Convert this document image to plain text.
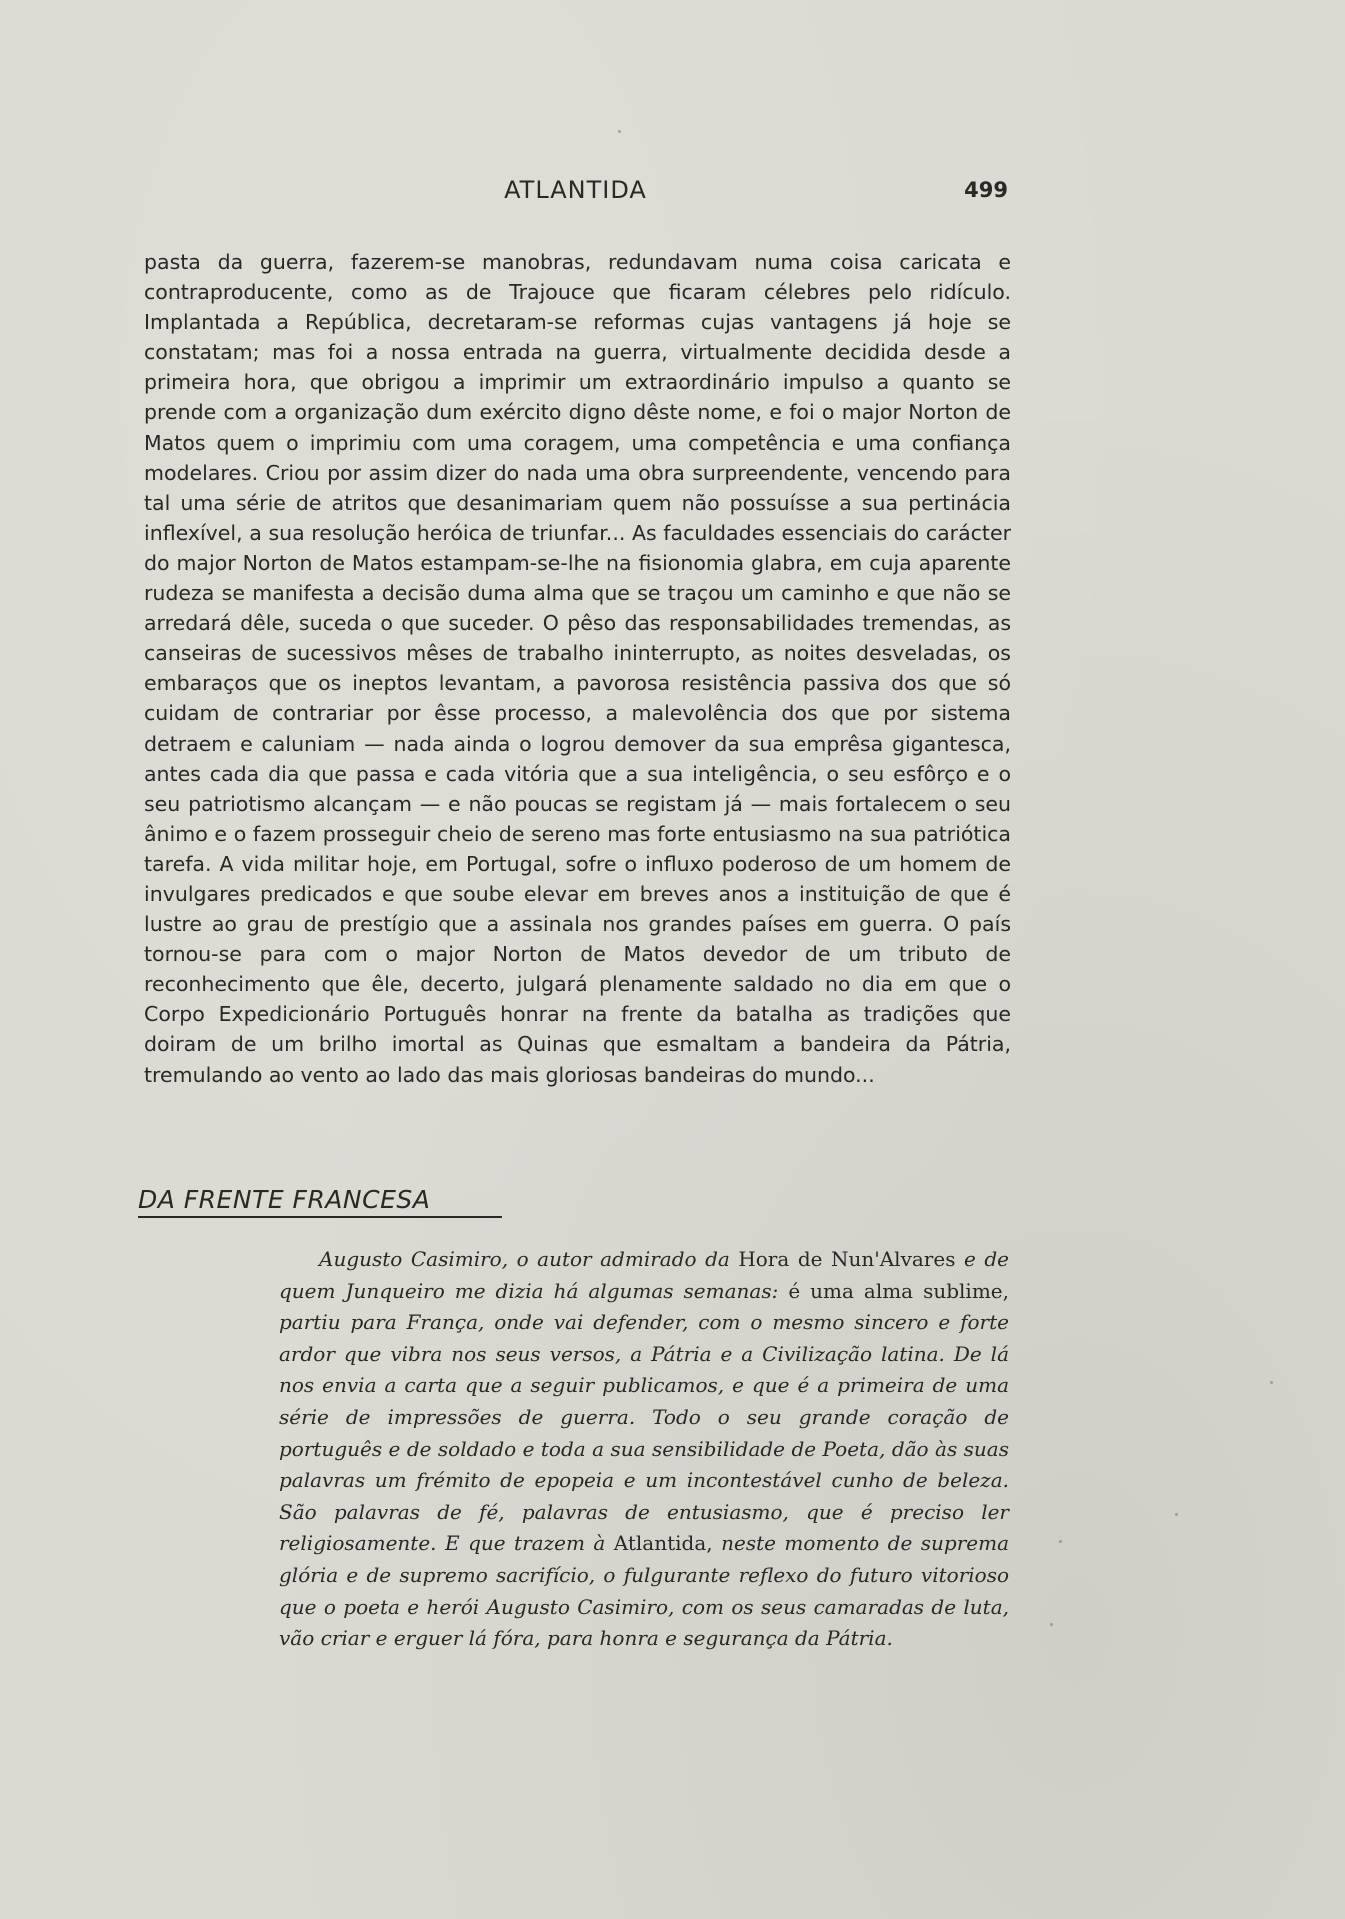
ATLANTIDA	499

pasta da guerra, fazerem-se manobras, redundavam numa coisa caricata e contraproducente, como as de Trajouce que ficaram célebres pelo ridículo. Implantada a República, decretaram-se reformas cujas vantagens já hoje se constatam; mas foi a nossa entrada na guerra, virtualmente decidida desde a primeira hora, que obrigou a imprimir um extraordinário impulso a quanto se prende com a organização dum exército digno dêste nome, e foi o major Norton de Matos quem o imprimiu com uma coragem, uma competência e uma confiança modelares. Criou por assim dizer do nada uma obra surpreendente, vencendo para tal uma série de atritos que desanimariam quem não possuísse a sua pertinácia inflexível, a sua resolução heróica de triunfar... As faculdades essenciais do carácter do major Norton de Matos estampam-se-lhe na fisionomia glabra, em cuja aparente rudeza se manifesta a decisão duma alma que se traçou um caminho e que não se arredará dêle, suceda o que suceder. O pêso das responsabilidades tremendas, as canseiras de sucessivos mêses de trabalho ininterrupto, as noites desveladas, os embaraços que os ineptos levantam, a pavorosa resistência passiva dos que só cuidam de contrariar por êsse processo, a malevolência dos que por sistema detraem e caluniam — nada ainda o logrou demover da sua emprêsa gigantesca, antes cada dia que passa e cada vitória que a sua inteligência, o seu esfôrço e o seu patriotismo alcançam — e não poucas se registam já — mais fortalecem o seu ânimo e o fazem prosseguir cheio de sereno mas forte entusiasmo na sua patriótica tarefa. A vida militar hoje, em Portugal, sofre o influxo poderoso de um homem de invulgares predicados e que soube elevar em breves anos a instituição de que é lustre ao grau de prestígio que a assinala nos grandes países em guerra. O país tornou-se para com o major Norton de Matos devedor de um tributo de reconhecimento que êle, decerto, julgará plenamente saldado no dia em que o Corpo Expedicionário Português honrar na frente da batalha as tradições que doiram de um brilho imortal as Quinas que esmaltam a bandeira da Pátria, tremulando ao vento ao lado das mais gloriosas bandeiras do mundo...

DA FRENTE FRANCESA

Augusto Casimiro, o autor admirado da Hora de Nun'Alvares e de quem Junqueiro me dizia há algumas semanas: é uma alma sublime, partiu para França, onde vai defender, com o mesmo sincero e forte ardor que vibra nos seus versos, a Pátria e a Civilização latina. De lá nos envia a carta que a seguir publicamos, e que é a primeira de uma série de impressões de guerra. Todo o seu grande coração de português e de soldado e toda a sua sensibilidade de Poeta, dão às suas palavras um frémito de epopeia e um incontestável cunho de beleza. São palavras de fé, palavras de entusiasmo, que é preciso ler religiosamente. E que trazem à Atlantida, neste momento de suprema glória e de supremo sacrifício, o fulgurante reflexo do futuro vitorioso que o poeta e herói Augusto Casimiro, com os seus camaradas de luta, vão criar e erguer lá fóra, para honra e segurança da Pátria.
